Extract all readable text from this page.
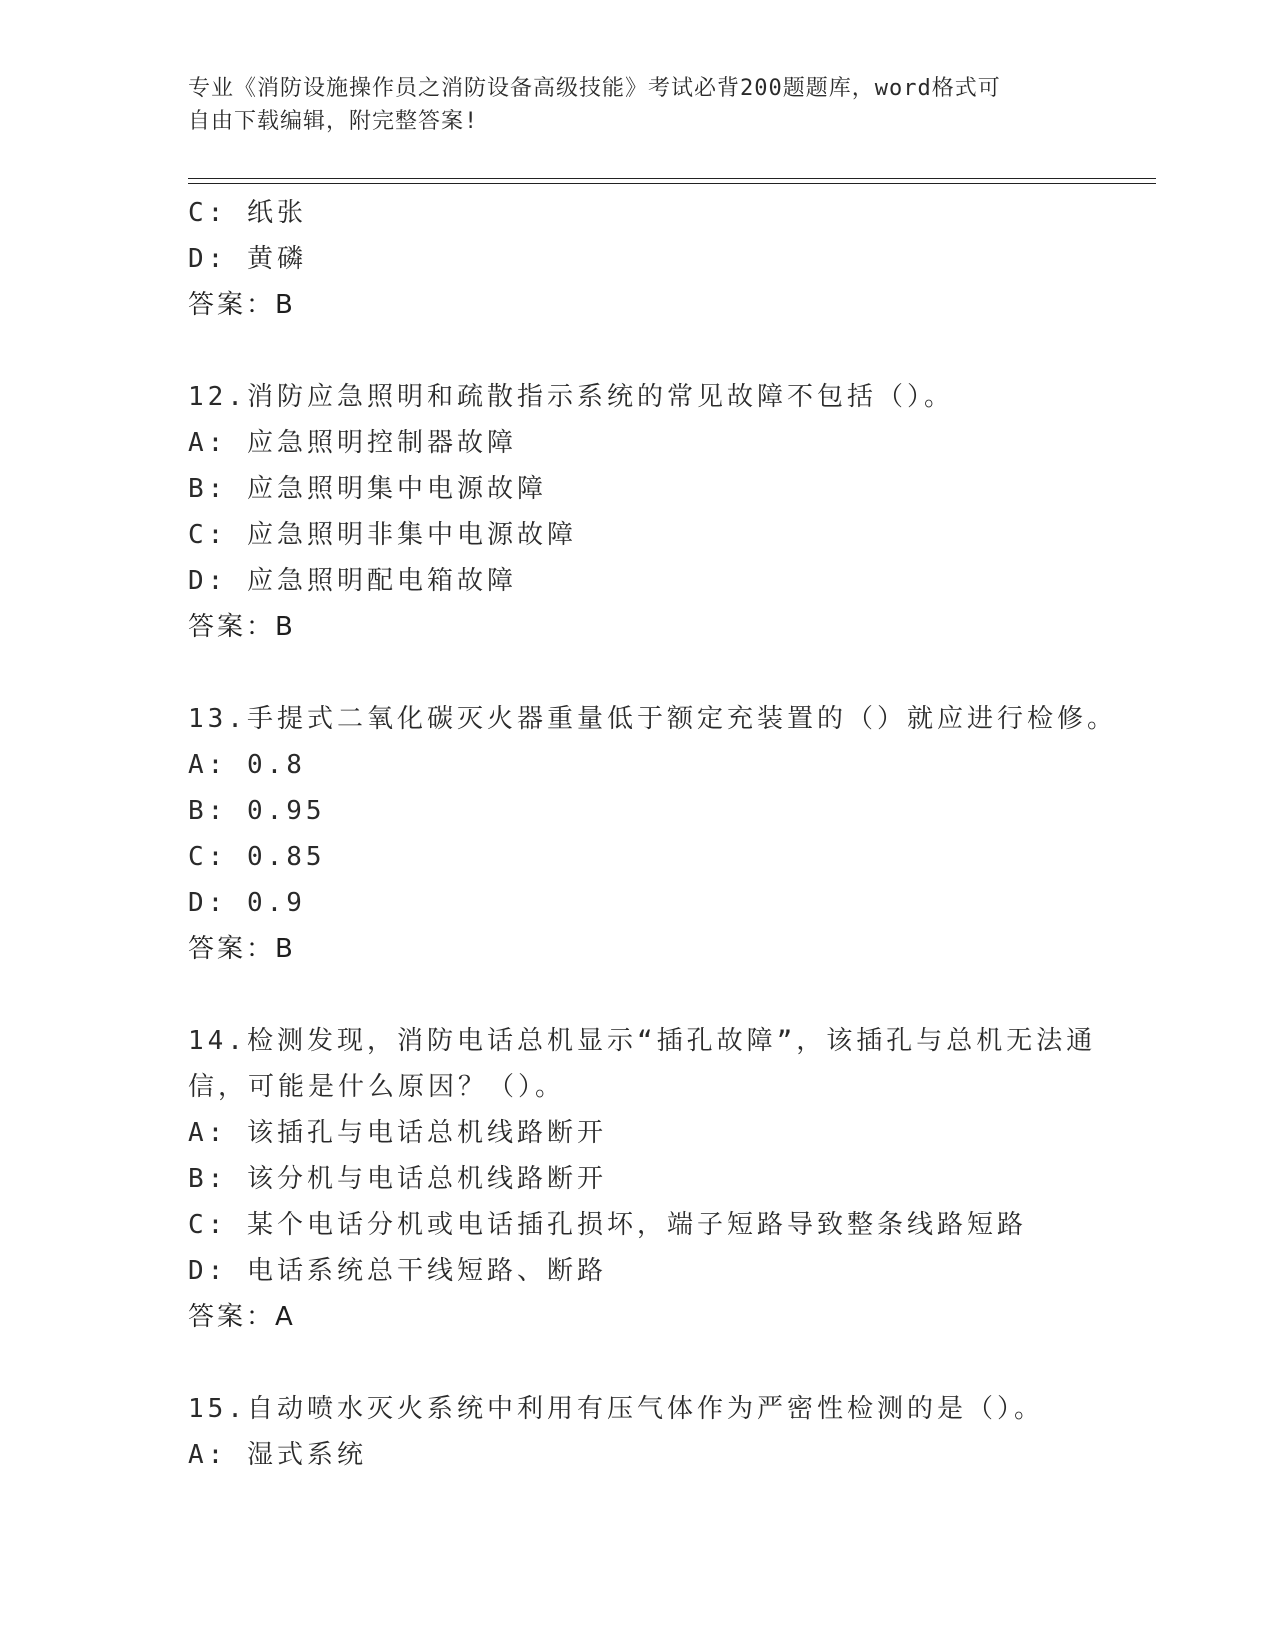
专业《消防设施操作员之消防设备高级技能》考试必背200题题库，word格式可
自由下载编辑，附完整答案!
C: 纸张
D: 黄磷
答案：B
12.消防应急照明和疏散指示系统的常见故障不包括（）。
A: 应急照明控制器故障
B: 应急照明集中电源故障
C: 应急照明非集中电源故障
D: 应急照明配电箱故障
答案：B
13.手提式二氧化碳灭火器重量低于额定充装置的（）就应进行检修。
A: 0.8
B: 0.95
C: 0.85
D: 0.9
答案：B
14.检测发现，消防电话总机显示“插孔故障”，该插孔与总机无法通
信，可能是什么原因？（）。
A: 该插孔与电话总机线路断开
B: 该分机与电话总机线路断开
C: 某个电话分机或电话插孔损坏，端子短路导致整条线路短路
D: 电话系统总干线短路、断路
答案：A
15.自动喷水灭火系统中利用有压气体作为严密性检测的是（）。
A: 湿式系统
